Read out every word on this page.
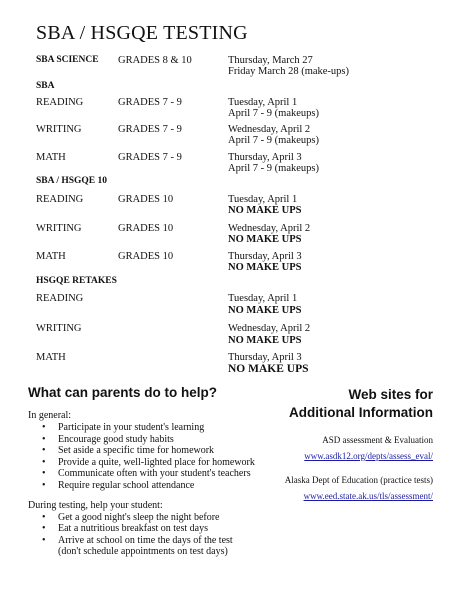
SBA / HSGQE TESTING
SBA SCIENCE GRADES 8 & 10	Thursday, March 27
Friday March 28 (make-ups)
SBA
READING	GRADES 7 - 9	Tuesday, April 1
April 7 - 9 (makeups)
WRITING	GRADES 7 - 9	Wednesday, April 2
April 7 - 9 (makeups)
MATH	GRADES 7 - 9	Thursday, April 3
April 7 - 9 (makeups)
SBA / HSGQE 10
READING	GRADES 10	Tuesday, April 1
NO MAKE UPS
WRITING	GRADES 10	Wednesday, April 2
NO MAKE UPS
MATH	GRADES 10	Thursday, April 3
NO MAKE UPS
HSGQE RETAKES
READING	Tuesday, April 1
NO MAKE UPS
WRITING	Wednesday, April 2
NO MAKE UPS
MATH	Thursday, April 3
NO MAKE UPS
What can parents do to help?

In general:

• Participate in your student's learning
• Encourage good study habits
• Set aside a specific time for homework
• Provide a quite, well-lighted place for homework
• Communicate often with your student's teachers
• Require regular school attendance

During testing, help your student:

• Get a good night's sleep the night before
• Eat a nutritious breakfast on test days
• Arrive at school on time the days of the test
(don't schedule appointments on test days)
Web sites for
Additional Information
ASD assessment & Evaluation
www.asdk12.org/depts/assess_eval/
Alaska Dept of Education (practice tests)
www.eed.state.ak.us/tls/assessment/
